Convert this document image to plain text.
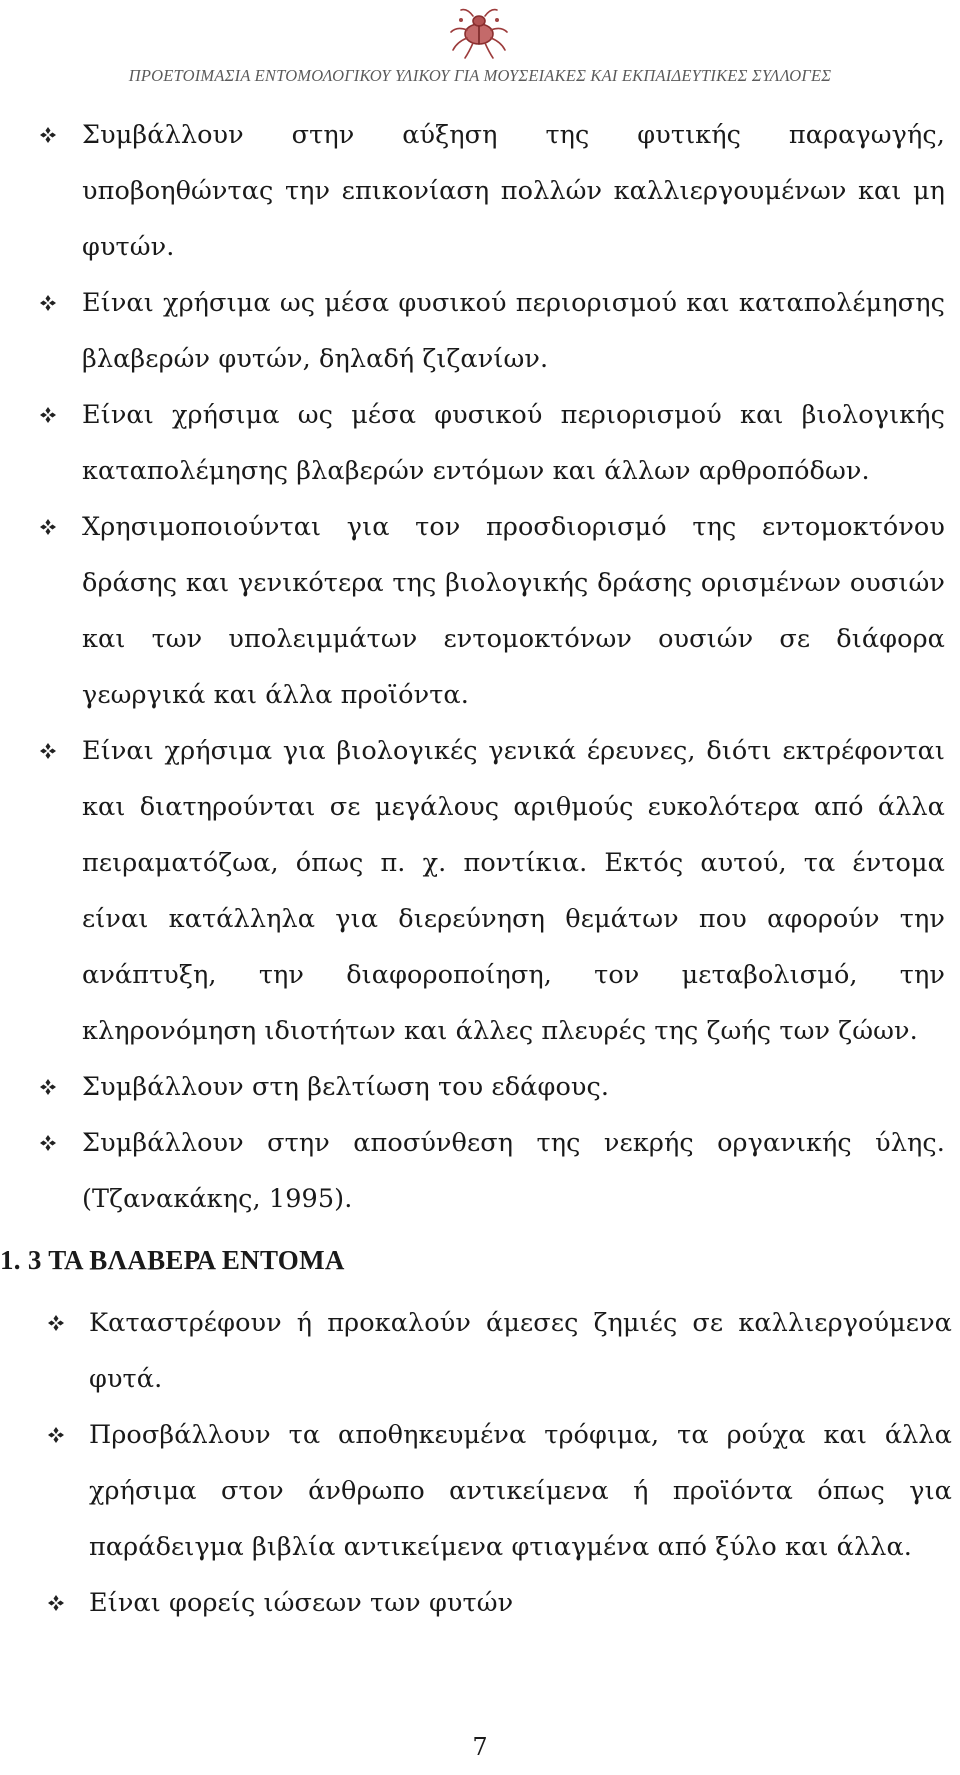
ΠΡΟΕΤΟΙΜΑΣΙΑ ΕΝΤΟΜΟΛΟΓΙΚΟΥ ΥΛΙΚΟΥ ΓΙΑ ΜΟΥΣΕΙΑΚΕΣ ΚΑΙ ΕΚΠΑΙΔΕΥΤΙΚΕΣ ΣΥΛΛΟΓΕΣ
Συμβάλλουν στην αύξηση της φυτικής παραγωγής, υποβοηθώντας την επικονίαση πολλών καλλιεργουμένων και μη φυτών.
Είναι χρήσιμα ως μέσα φυσικού περιορισμού και καταπολέμησης βλαβερών φυτών, δηλαδή ζιζανίων.
Είναι χρήσιμα ως μέσα φυσικού περιορισμού και βιολογικής καταπολέμησης βλαβερών εντόμων και άλλων αρθροπόδων.
Χρησιμοποιούνται για τον προσδιορισμό της εντομοκτόνου δράσης και γενικότερα της βιολογικής δράσης ορισμένων ουσιών και των υπολειμμάτων εντομοκτόνων ουσιών σε διάφορα γεωργικά και άλλα προϊόντα.
Είναι χρήσιμα για βιολογικές γενικά έρευνες, διότι εκτρέφονται και διατηρούνται σε μεγάλους αριθμούς ευκολότερα από άλλα πειραματόζωα, όπως π. χ. ποντίκια. Εκτός αυτού, τα έντομα είναι κατάλληλα για διερεύνηση θεμάτων που αφορούν την ανάπτυξη, την διαφοροποίηση, τον μεταβολισμό, την κληρονόμηση ιδιοτήτων και άλλες πλευρές της ζωής των ζώων.
Συμβάλλουν στη βελτίωση του εδάφους.
Συμβάλλουν στην αποσύνθεση της νεκρής οργανικής ύλης. (Τζανακάκης, 1995).
1. 3 ΤΑ ΒΛΑΒΕΡΑ ΕΝΤΟΜΑ
Καταστρέφουν ή προκαλούν άμεσες ζημιές σε καλλιεργούμενα φυτά.
Προσβάλλουν τα αποθηκευμένα τρόφιμα, τα ρούχα και άλλα χρήσιμα στον άνθρωπο αντικείμενα ή προϊόντα όπως για παράδειγμα βιβλία αντικείμενα φτιαγμένα από ξύλο και άλλα.
Είναι φορείς ιώσεων των φυτών
7
